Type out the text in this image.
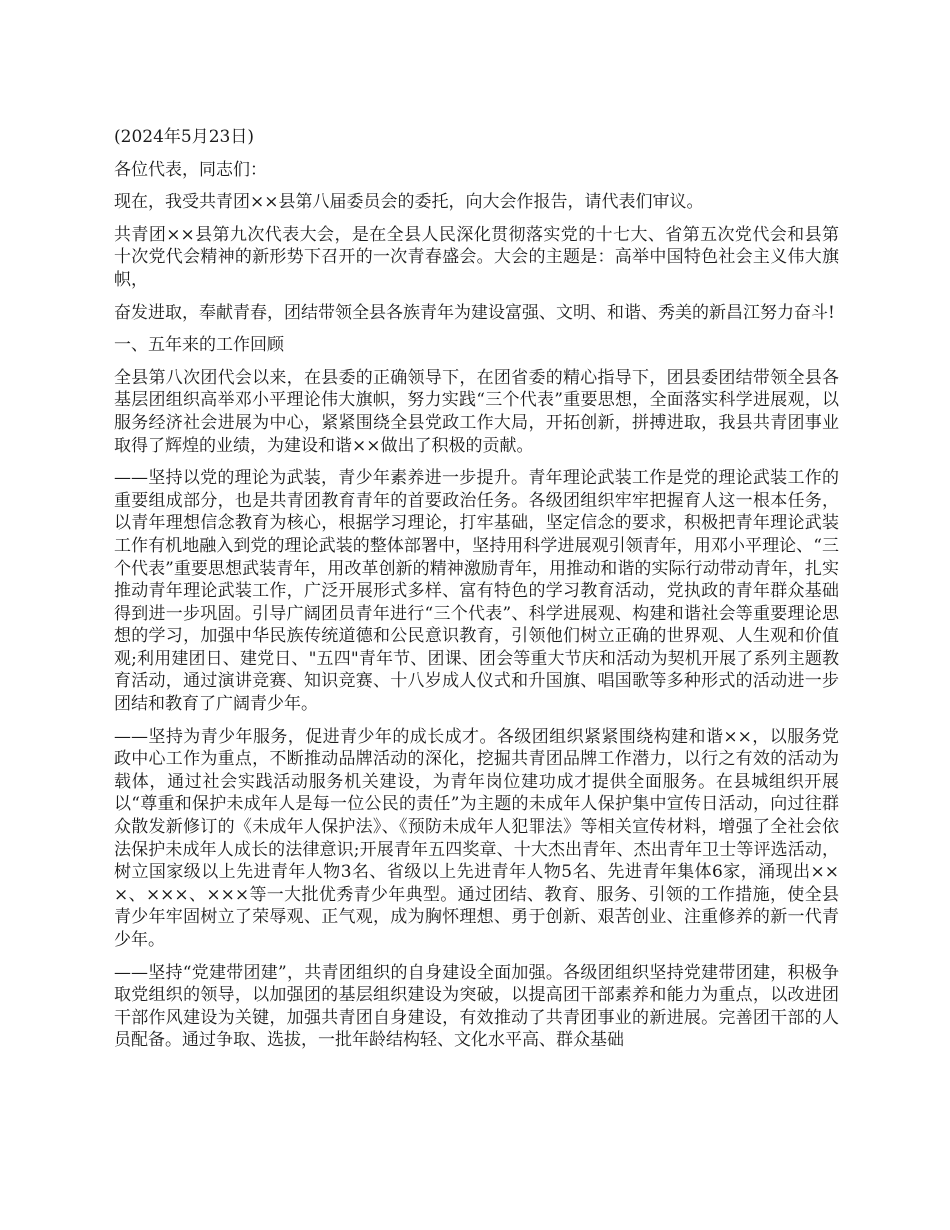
(2024年5月23日)

各位代表，同志们：

现在，我受共青团××县第八届委员会的委托，向大会作报告，请代表们审议。

共青团××县第九次代表大会，是在全县人民深化贯彻落实党的十七大、省第五次党代会和县第十次党代会精神的新形势下召开的一次青春盛会。大会的主题是：高举中国特色社会主义伟大旗帜，

奋发进取，奉献青春，团结带领全县各族青年为建设富强、文明、和谐、秀美的新昌江努力奋斗!

一、五年来的工作回顾

全县第八次团代会以来，在县委的正确领导下，在团省委的精心指导下，团县委团结带领全县各基层团组织高举邓小平理论伟大旗帜，努力实践“三个代表”重要思想，全面落实科学进展观，以服务经济社会进展为中心，紧紧围绕全县党政工作大局，开拓创新，拼搏进取，我县共青团事业取得了辉煌的业绩，为建设和谐××做出了积极的贡献。

——坚持以党的理论为武装，青少年素养进一步提升。青年理论武装工作是党的理论武装工作的重要组成部分，也是共青团教育青年的首要政治任务。各级团组织牢牢把握育人这一根本任务，以青年理想信念教育为核心，根据学习理论，打牢基础，坚定信念的要求，积极把青年理论武装工作有机地融入到党的理论武装的整体部署中，坚持用科学进展观引领青年，用邓小平理论、“三个代表”重要思想武装青年，用改革创新的精神激励青年，用推动和谐的实际行动带动青年，扎实推动青年理论武装工作，广泛开展形式多样、富有特色的学习教育活动，党执政的青年群众基础得到进一步巩固。引导广阔团员青年进行“三个代表”、科学进展观、构建和谐社会等重要理论思想的学习，加强中华民族传统道德和公民意识教育，引领他们树立正确的世界观、人生观和价值观;利用建团日、建党日、"五四"青年节、团课、团会等重大节庆和活动为契机开展了系列主题教育活动，通过演讲竞赛、知识竞赛、十八岁成人仪式和升国旗、唱国歌等多种形式的活动进一步团结和教育了广阔青少年。

——坚持为青少年服务，促进青少年的成长成才。各级团组织紧紧围绕构建和谐××，以服务党政中心工作为重点，不断推动品牌活动的深化，挖掘共青团品牌工作潜力，以行之有效的活动为载体，通过社会实践活动服务机关建设，为青年岗位建功成才提供全面服务。在县城组织开展以“尊重和保护未成年人是每一位公民的责任”为主题的未成年人保护集中宣传日活动，向过往群众散发新修订的《未成年人保护法》、《预防未成年人犯罪法》等相关宣传材料，增强了全社会依法保护未成年人成长的法律意识;开展青年五四奖章、十大杰出青年、杰出青年卫士等评选活动，树立国家级以上先进青年人物3名、省级以上先进青年人物5名、先进青年集体6家，涌现出×××、×××、×××等一大批优秀青少年典型。通过团结、教育、服务、引领的工作措施，使全县青少年牢固树立了荣辱观、正气观，成为胸怀理想、勇于创新、艰苦创业、注重修养的新一代青少年。

——坚持“党建带团建”，共青团组织的自身建设全面加强。各级团组织坚持党建带团建，积极争取党组织的领导，以加强团的基层组织建设为突破，以提高团干部素养和能力为重点，以改进团干部作风建设为关键，加强共青团自身建设，有效推动了共青团事业的新进展。完善团干部的人员配备。通过争取、选拔，一批年龄结构轻、文化水平高、群众基础
